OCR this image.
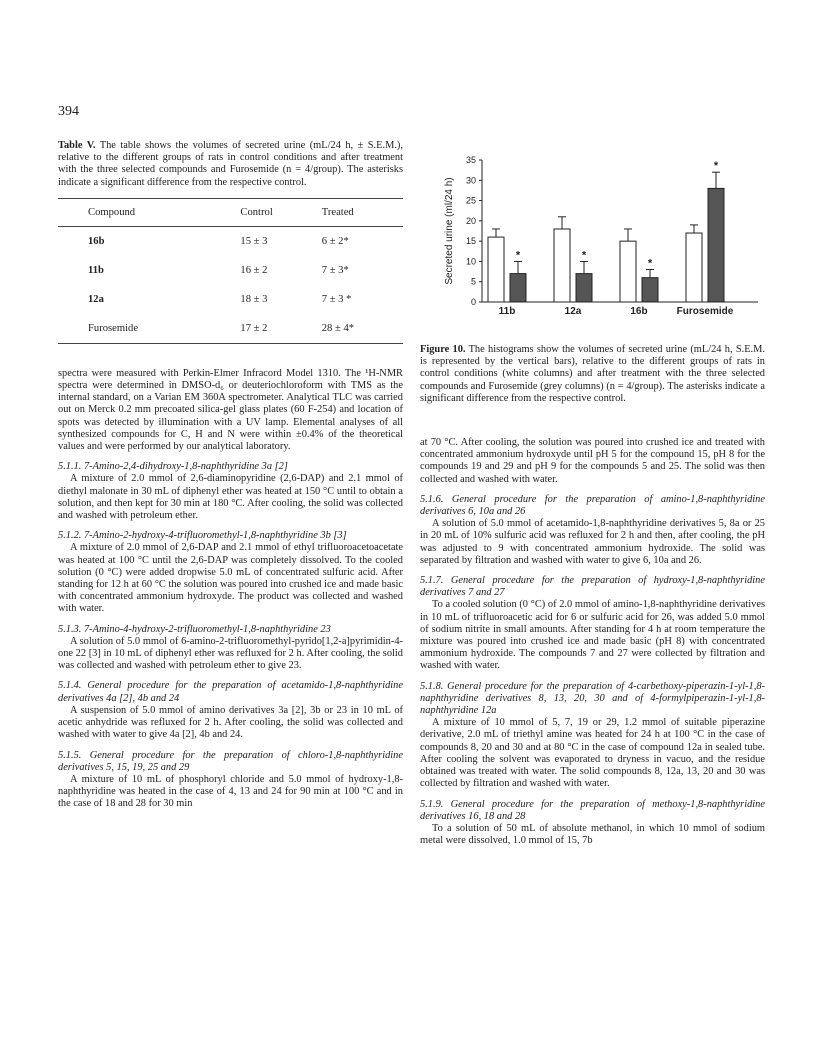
394

Table V. The table shows the volumes of secreted urine (mL/24 h, ± S.E.M.), relative to the different groups of rats in control conditions and after treatment with the three selected compounds and Furosemide (n = 4/group). The asterisks indicate a significant difference from the respective control.

Compound	Control	Treated
16b	15 ± 3	6 ± 2*
11b	16 ± 2	7 ± 3*
12a	18 ± 3	7 ± 3 *
Furosemide	17 ± 2	28 ± 4*

spectra were measured with Perkin-Elmer Infracord Model 1310. The ¹H-NMR spectra were determined in DMSO-d₆ or deuteriochloroform with TMS as the internal standard, on a Varian EM 360A spectrometer. Analytical TLC was carried out on Merck 0.2 mm precoated silica-gel glass plates (60 F-254) and location of spots was detected by illumination with a UV lamp. Elemental analyses of all synthesized compounds for C, H and N were within ±0.4% of the theoretical values and were performed by our analytical laboratory.

5.1.1. 7-Amino-2,4-dihydroxy-1,8-naphthyridine 3a [2]

A mixture of 2.0 mmol of 2,6-diaminopyridine (2,6-DAP) and 2.1 mmol of diethyl malonate in 30 mL of diphenyl ether was heated at 150 °C until to obtain a solution, and then kept for 30 min at 180 °C. After cooling, the solid was collected and washed with petroleum ether.

5.1.2. 7-Amino-2-hydroxy-4-trifluoromethyl-1,8-naphthyridine 3b [3]

A mixture of 2.0 mmol of 2,6-DAP and 2.1 mmol of ethyl trifluoroacetoacetate was heated at 100 °C until the 2,6-DAP was completely dissolved. To the cooled solution (0 °C) were added dropwise 5.0 mL of concentrated sulfuric acid. After standing for 12 h at 60 °C the solution was poured into crushed ice and made basic with concentrated ammonium hydroxyde. The product was collected and washed with water.

5.1.3. 7-Amino-4-hydroxy-2-trifluoromethyl-1,8-naphthyridine 23

A solution of 5.0 mmol of 6-amino-2-trifluoromethyl-pyrido[1,2-a]pyrimidin-4-one 22 [3] in 10 mL of diphenyl ether was refluxed for 2 h. After cooling, the solid was collected and washed with petroleum ether to give 23.

5.1.4. General procedure for the preparation of acetamido-1,8-naphthyridine derivatives 4a [2], 4b and 24

A suspension of 5.0 mmol of amino derivatives 3a [2], 3b or 23 in 10 mL of acetic anhydride was refluxed for 2 h. After cooling, the solid was collected and washed with water to give 4a [2], 4b and 24.

5.1.5. General procedure for the preparation of chloro-1,8-naphthyridine derivatives 5, 15, 19, 25 and 29

A mixture of 10 mL of phosphoryl chloride and 5.0 mmol of hydroxy-1,8-naphthyridine was heated in the case of 4, 13 and 24 for 90 min at 100 °C and in the case of 18 and 28 for 30 min

0
5
10
15
20
25
30
35
Secreted urine (ml/24 h)	*
11b
*
12a
*
16b
*
Furosemide

Figure 10. The histograms show the volumes of secreted urine (mL/24 h, S.E.M. is represented by the vertical bars), relative to the different groups of rats in control conditions (white columns) and after treatment with the three selected compounds and Furosemide (grey columns) (n = 4/group). The asterisks indicate a significant difference from the respective control.

at 70 °C. After cooling, the solution was poured into crushed ice and treated with concentrated ammonium hydroxyde until pH 5 for the compound 15, pH 8 for the compounds 19 and 29 and pH 9 for the compounds 5 and 25. The solid was then collected and washed with water.

5.1.6. General procedure for the preparation of amino-1,8-naphthyridine derivatives 6, 10a and 26

A solution of 5.0 mmol of acetamido-1,8-naphthyridine derivatives 5, 8a or 25 in 20 mL of 10% sulfuric acid was refluxed for 2 h and then, after cooling, the pH was adjusted to 9 with concentrated ammonium hydroxide. The solid was separated by filtration and washed with water to give 6, 10a and 26.

5.1.7. General procedure for the preparation of hydroxy-1,8-naphthyridine derivatives 7 and 27

To a cooled solution (0 °C) of 2.0 mmol of amino-1,8-naphthyridine derivatives in 10 mL of trifluoroacetic acid for 6 or sulfuric acid for 26, was added 5.0 mmol of sodium nitrite in small amounts. After standing for 4 h at room temperature the mixture was poured into crushed ice and made basic (pH 8) with concentrated ammonium hydroxide. The compounds 7 and 27 were collected by filtration and washed with water.

5.1.8. General procedure for the preparation of 4-carbethoxy-piperazin-1-yl-1,8-naphthyridine derivatives 8, 13, 20, 30 and of 4-formylpiperazin-1-yl-1,8-naphthyridine 12a

A mixture of 10 mmol of 5, 7, 19 or 29, 1.2 mmol of suitable piperazine derivative, 2.0 mL of triethyl amine was heated for 24 h at 100 °C in the case of compounds 8, 20 and 30 and at 80 °C in the case of compound 12a in sealed tube. After cooling the solvent was evaporated to dryness in vacuo, and the residue obtained was treated with water. The solid compounds 8, 12a, 13, 20 and 30 was collected by filtration and washed with water.

5.1.9. General procedure for the preparation of methoxy-1,8-naphthyridine derivatives 16, 18 and 28

To a solution of 50 mL of absolute methanol, in which 10 mmol of sodium metal were dissolved, 1.0 mmol of 15, 7b
